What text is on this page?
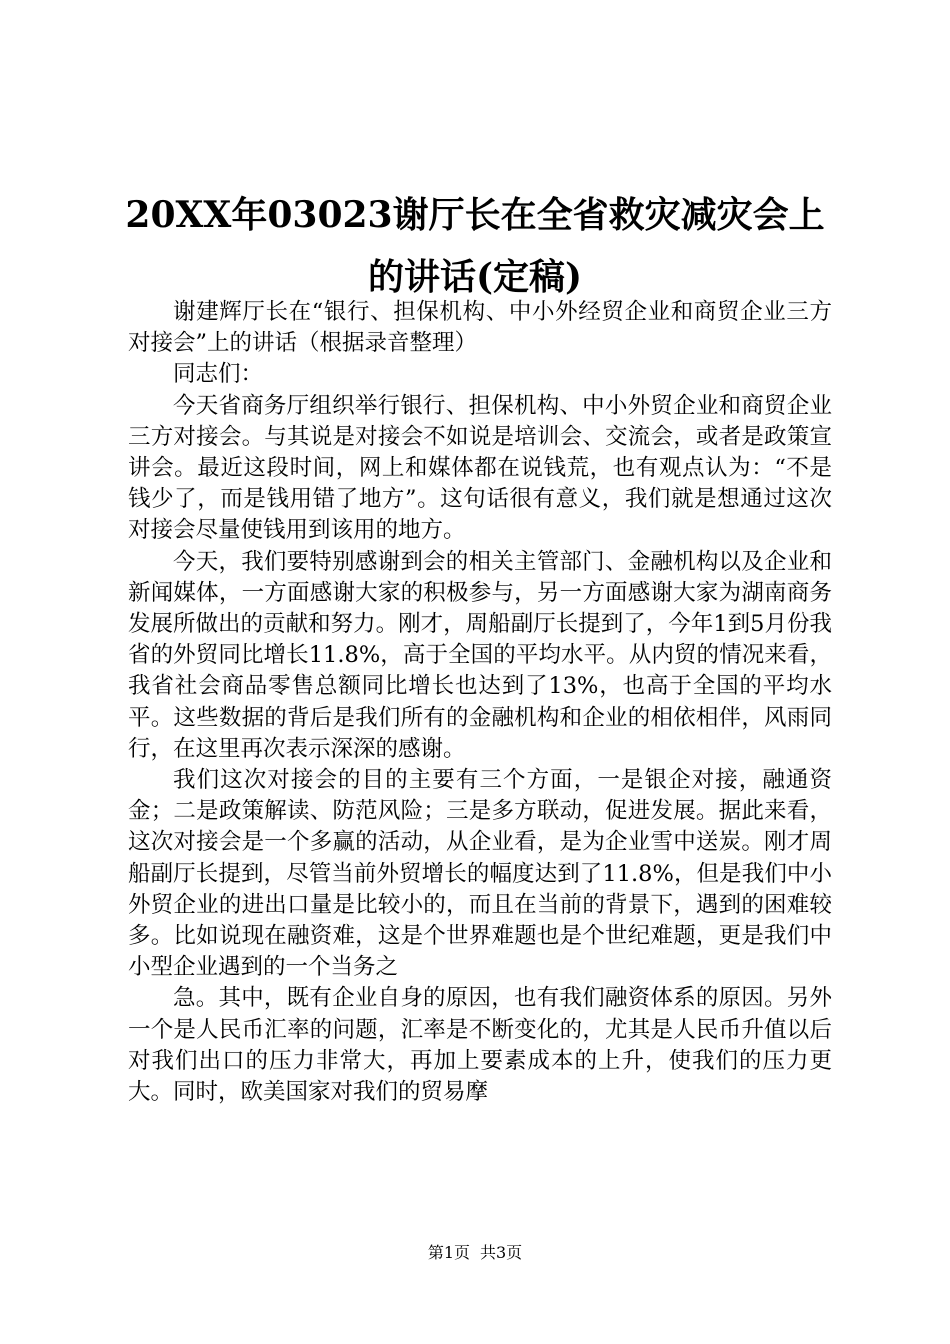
20XX年03023谢厅长在全省救灾减灾会上的讲话(定稿)

谢建辉厅长在“银行、担保机构、中小外经贸企业和商贸企业三方对接会”上的讲话（根据录音整理）

同志们：

今天省商务厅组织举行银行、担保机构、中小外贸企业和商贸企业三方对接会。与其说是对接会不如说是培训会、交流会，或者是政策宣讲会。最近这段时间，网上和媒体都在说钱荒，也有观点认为：“不是钱少了，而是钱用错了地方”。这句话很有意义，我们就是想通过这次对接会尽量使钱用到该用的地方。

今天，我们要特别感谢到会的相关主管部门、金融机构以及企业和新闻媒体，一方面感谢大家的积极参与，另一方面感谢大家为湖南商务发展所做出的贡献和努力。刚才，周船副厅长提到了，今年1到5月份我省的外贸同比增长11.8%，高于全国的平均水平。从内贸的情况来看，我省社会商品零售总额同比增长也达到了13%，也高于全国的平均水平。这些数据的背后是我们所有的金融机构和企业的相依相伴，风雨同行，在这里再次表示深深的感谢。

我们这次对接会的目的主要有三个方面，一是银企对接，融通资金；二是政策解读、防范风险；三是多方联动，促进发展。据此来看，这次对接会是一个多赢的活动，从企业看，是为企业雪中送炭。刚才周船副厅长提到，尽管当前外贸增长的幅度达到了11.8%，但是我们中小外贸企业的进出口量是比较小的，而且在当前的背景下，遇到的困难较多。比如说现在融资难，这是个世界难题也是个世纪难题，更是我们中小型企业遇到的一个当务之

急。其中，既有企业自身的原因，也有我们融资体系的原因。另外一个是人民币汇率的问题，汇率是不断变化的，尤其是人民币升值以后对我们出口的压力非常大，再加上要素成本的上升，使我们的压力更大。同时，欧美国家对我们的贸易摩

第1页 共3页
